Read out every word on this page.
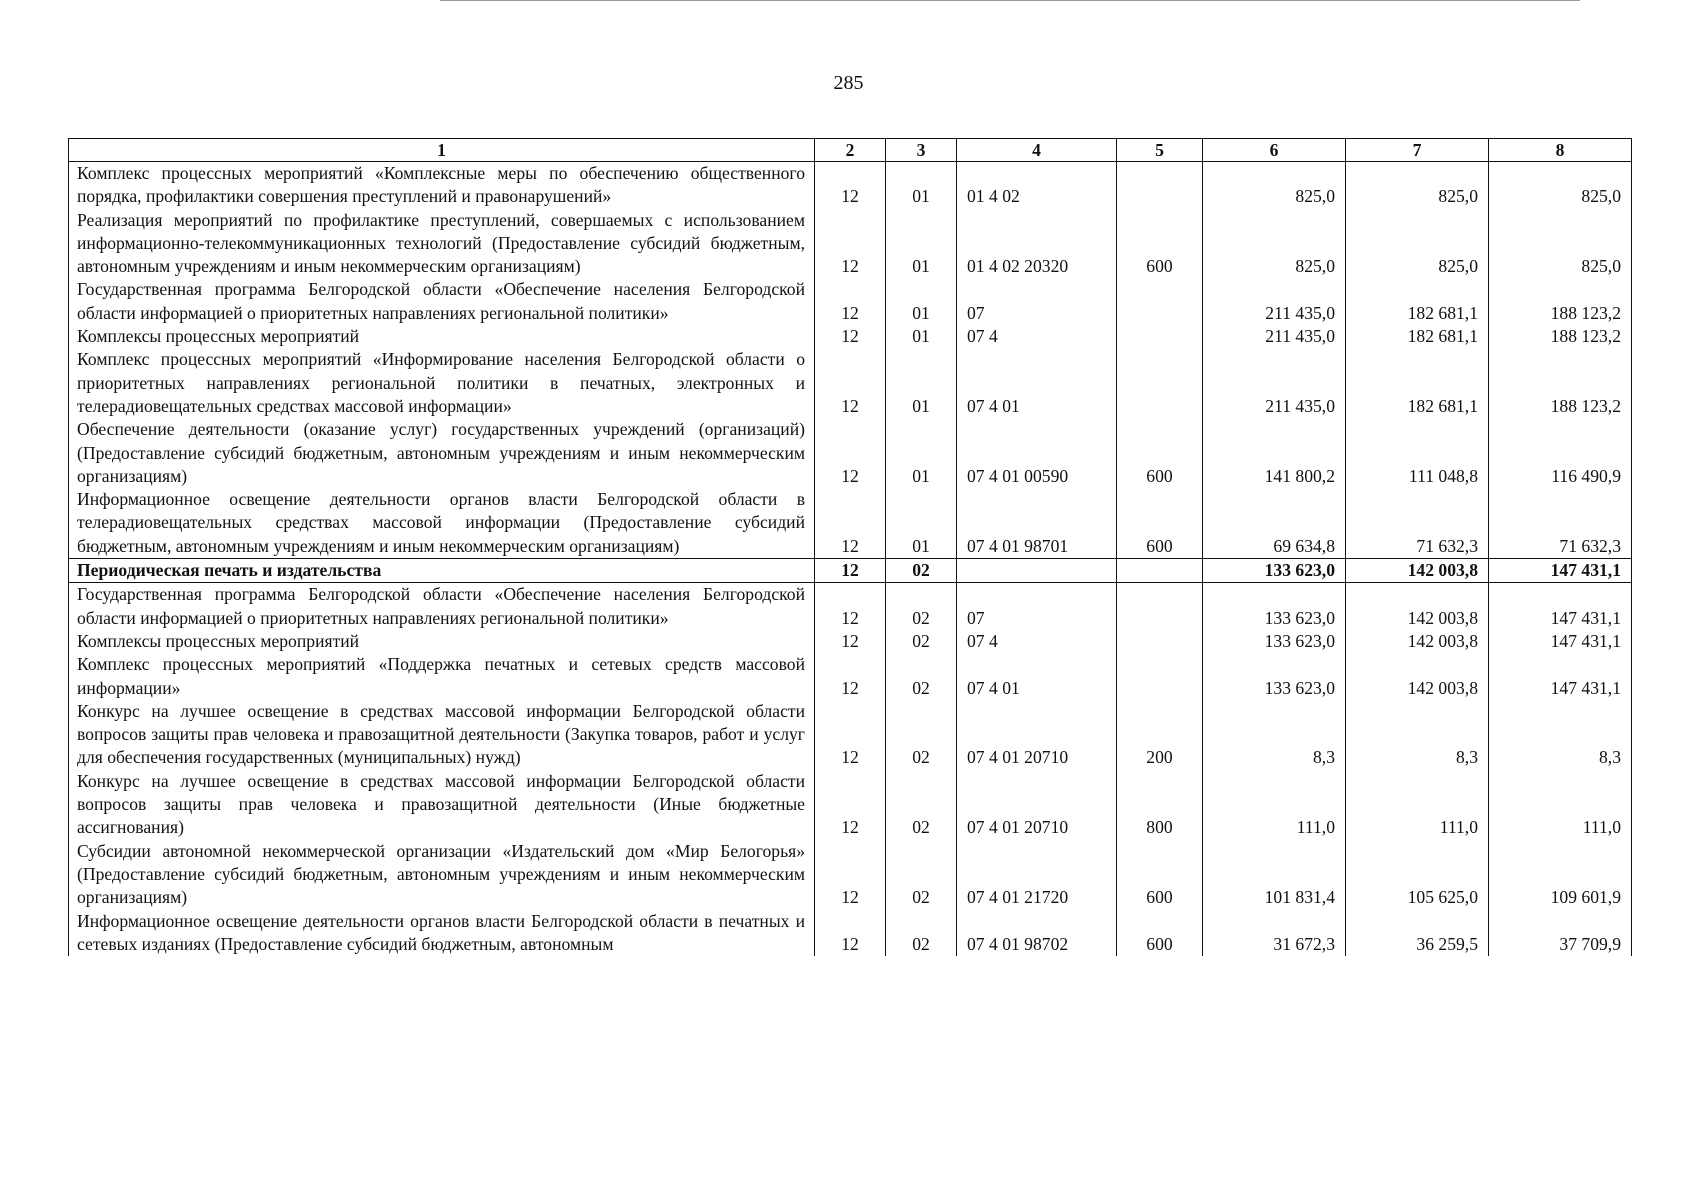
285
1	2	3	4	5	6	7	8
Комплекс процессных мероприятий «Комплексные меры по обеспечению общественного порядка, профилактики совершения преступлений и правонарушений»	12	01	01 4 02		825,0	825,0	825,0
Реализация мероприятий по профилактике преступлений, совершаемых с использованием информационно-телекоммуникационных технологий (Предоставление субсидий бюджетным, автономным учреждениям и иным некоммерческим организациям)	12	01	01 4 02 20320	600	825,0	825,0	825,0
Государственная программа Белгородской области «Обеспечение населения Белгородской области информацией о приоритетных направлениях региональной политики»	12	01	07		211 435,0	182 681,1	188 123,2
Комплексы процессных мероприятий	12	01	07 4		211 435,0	182 681,1	188 123,2
Комплекс процессных мероприятий «Информирование населения Белгородской области о приоритетных направлениях региональной политики в печатных, электронных и телерадиовещательных средствах массовой информации»	12	01	07 4 01		211 435,0	182 681,1	188 123,2
Обеспечение деятельности (оказание услуг) государственных учреждений (организаций) (Предоставление субсидий бюджетным, автономным учреждениям и иным некоммерческим организациям)	12	01	07 4 01 00590	600	141 800,2	111 048,8	116 490,9
Информационное освещение деятельности органов власти Белгородской области в телерадиовещательных средствах массовой информации (Предоставление субсидий бюджетным, автономным учреждениям и иным некоммерческим организациям)	12	01	07 4 01 98701	600	69 634,8	71 632,3	71 632,3
Периодическая печать и издательства	12	02			133 623,0	142 003,8	147 431,1
Государственная программа Белгородской области «Обеспечение населения Белгородской области информацией о приоритетных направлениях региональной политики»	12	02	07		133 623,0	142 003,8	147 431,1
Комплексы процессных мероприятий	12	02	07 4		133 623,0	142 003,8	147 431,1
Комплекс процессных мероприятий «Поддержка печатных и сетевых средств массовой информации»	12	02	07 4 01		133 623,0	142 003,8	147 431,1
Конкурс на лучшее освещение в средствах массовой информации Белгородской области вопросов защиты прав человека и правозащитной деятельности (Закупка товаров, работ и услуг для обеспечения государственных (муниципальных) нужд)	12	02	07 4 01 20710	200	8,3	8,3	8,3
Конкурс на лучшее освещение в средствах массовой информации Белгородской области вопросов защиты прав человека и правозащитной деятельности (Иные бюджетные ассигнования)	12	02	07 4 01 20710	800	111,0	111,0	111,0
Субсидии автономной некоммерческой организации «Издательский дом «Мир Белогорья» (Предоставление субсидий бюджетным, автономным учреждениям и иным некоммерческим организациям)	12	02	07 4 01 21720	600	101 831,4	105 625,0	109 601,9
Информационное освещение деятельности органов власти Белгородской области в печатных и сетевых изданиях (Предоставление субсидий бюджетным, автономным	12	02	07 4 01 98702	600	31 672,3	36 259,5	37 709,9
